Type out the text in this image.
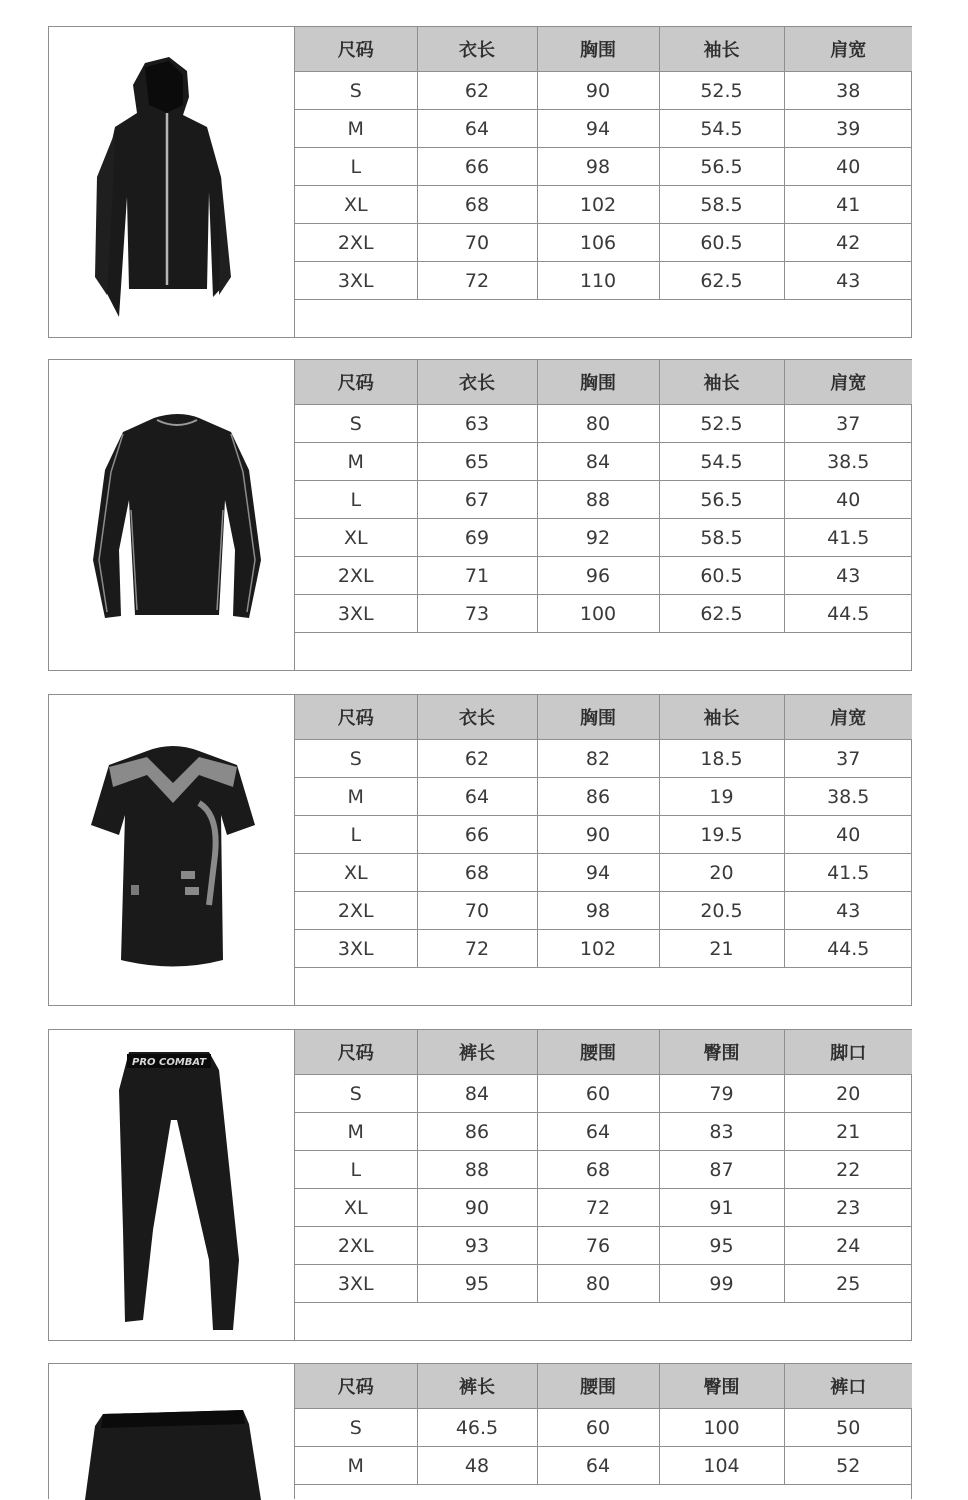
尺码	衣长	胸围	袖长	肩宽
S	62	90	52.5	38
M	64	94	54.5	39
L	66	98	56.5	40
XL	68	102	58.5	41
2XL	70	106	60.5	42
3XL	72	110	62.5	43

尺码	衣长	胸围	袖长	肩宽
S	63	80	52.5	37
M	65	84	54.5	38.5
L	67	88	56.5	40
XL	69	92	58.5	41.5
2XL	71	96	60.5	43
3XL	73	100	62.5	44.5

尺码	衣长	胸围	袖长	肩宽
S	62	82	18.5	37
M	64	86	19	38.5
L	66	90	19.5	40
XL	68	94	20	41.5
2XL	70	98	20.5	43
3XL	72	102	21	44.5

PRO COMBAT	尺码	裤长	腰围	臀围	脚口
S	84	60	79	20
M	86	64	83	21
L	88	68	87	22
XL	90	72	91	23
2XL	93	76	95	24
3XL	95	80	99	25

尺码	裤长	腰围	臀围	裤口
S	46.5	60	100	50
M	48	64	104	52
